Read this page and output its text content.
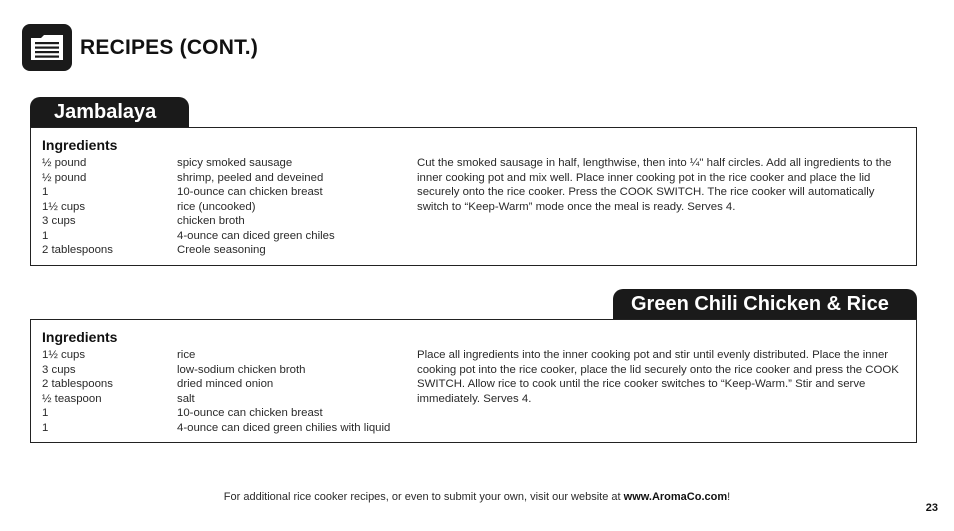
RECIPES (CONT.)
Jambalaya
Ingredients
½ pound	spicy smoked sausage
½ pound	shrimp, peeled and deveined
1	10-ounce can chicken breast
1½ cups	rice (uncooked)
3 cups	chicken broth
1	4-ounce can diced green chiles
2 tablespoons	Creole seasoning
Cut the smoked sausage in half, lengthwise, then into ¼" half circles. Add all ingredients to the inner cooking pot and mix well. Place inner cooking pot in the rice cooker and place the lid securely onto the rice cooker. Press the COOK SWITCH. The rice cooker will automatically switch to “Keep-Warm” mode once the meal is ready. Serves 4.
Green Chili Chicken & Rice
Ingredients
1½ cups	rice
3 cups	low-sodium chicken broth
2 tablespoons	dried minced onion
½ teaspoon	salt
1	10-ounce can chicken breast
1	4-ounce can diced green chilies with liquid
Place all ingredients into the inner cooking pot and stir until evenly distributed. Place the inner cooking pot into the rice cooker, place the lid securely onto the rice cooker and press the COOK SWITCH. Allow rice to cook until the rice cooker switches to “Keep-Warm.” Stir and serve immediately. Serves 4.
For additional rice cooker recipes, or even to submit your own, visit our website at www.AromaCo.com!
23
